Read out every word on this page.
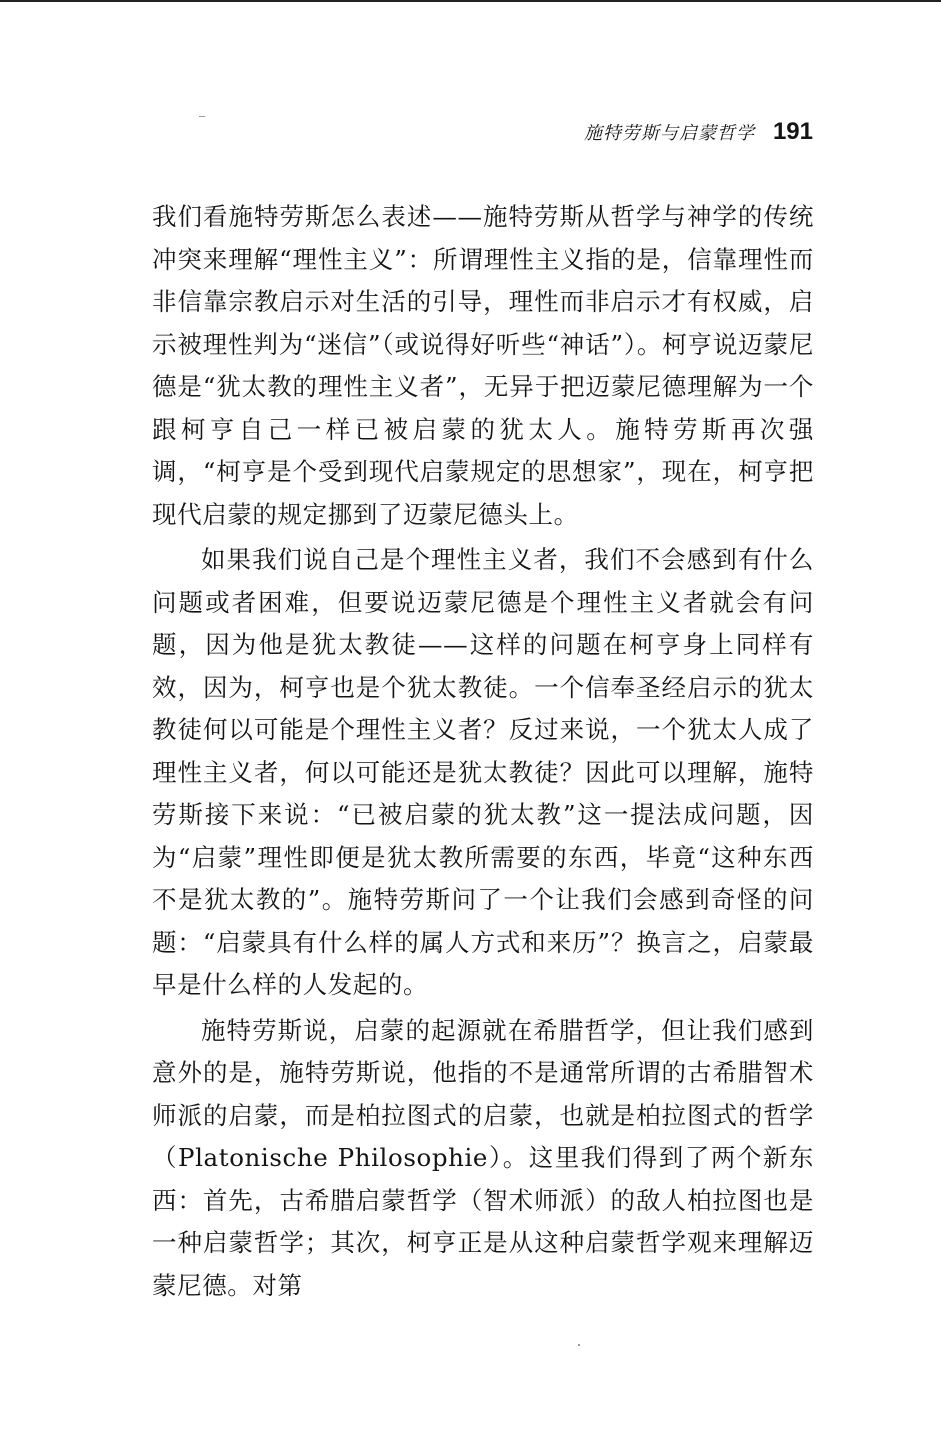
施特劳斯与启蒙哲学 191

我们看施特劳斯怎么表述——施特劳斯从哲学与神学的传统冲突来理解“理性主义”：所谓理性主义指的是，信靠理性而非信靠宗教启示对生活的引导，理性而非启示才有权威，启示被理性判为“迷信”（或说得好听些“神话”）。柯亨说迈蒙尼德是“犹太教的理性主义者”，无异于把迈蒙尼德理解为一个跟柯亨自己一样已被启蒙的犹太人。施特劳斯再次强调，“柯亨是个受到现代启蒙规定的思想家”，现在，柯亨把现代启蒙的规定挪到了迈蒙尼德头上。

如果我们说自己是个理性主义者，我们不会感到有什么问题或者困难，但要说迈蒙尼德是个理性主义者就会有问题，因为他是犹太教徒——这样的问题在柯亨身上同样有效，因为，柯亨也是个犹太教徒。一个信奉圣经启示的犹太教徒何以可能是个理性主义者？反过来说，一个犹太人成了理性主义者，何以可能还是犹太教徒？因此可以理解，施特劳斯接下来说：“已被启蒙的犹太教”这一提法成问题，因为“启蒙”理性即便是犹太教所需要的东西，毕竟“这种东西不是犹太教的”。施特劳斯问了一个让我们会感到奇怪的问题：“启蒙具有什么样的属人方式和来历”？换言之，启蒙最早是什么样的人发起的。

施特劳斯说，启蒙的起源就在希腊哲学，但让我们感到意外的是，施特劳斯说，他指的不是通常所谓的古希腊智术师派的启蒙，而是柏拉图式的启蒙，也就是柏拉图式的哲学（Platonische Philosophie）。这里我们得到了两个新东西：首先，古希腊启蒙哲学（智术师派）的敌人柏拉图也是一种启蒙哲学；其次，柯亨正是从这种启蒙哲学观来理解迈蒙尼德。对第
